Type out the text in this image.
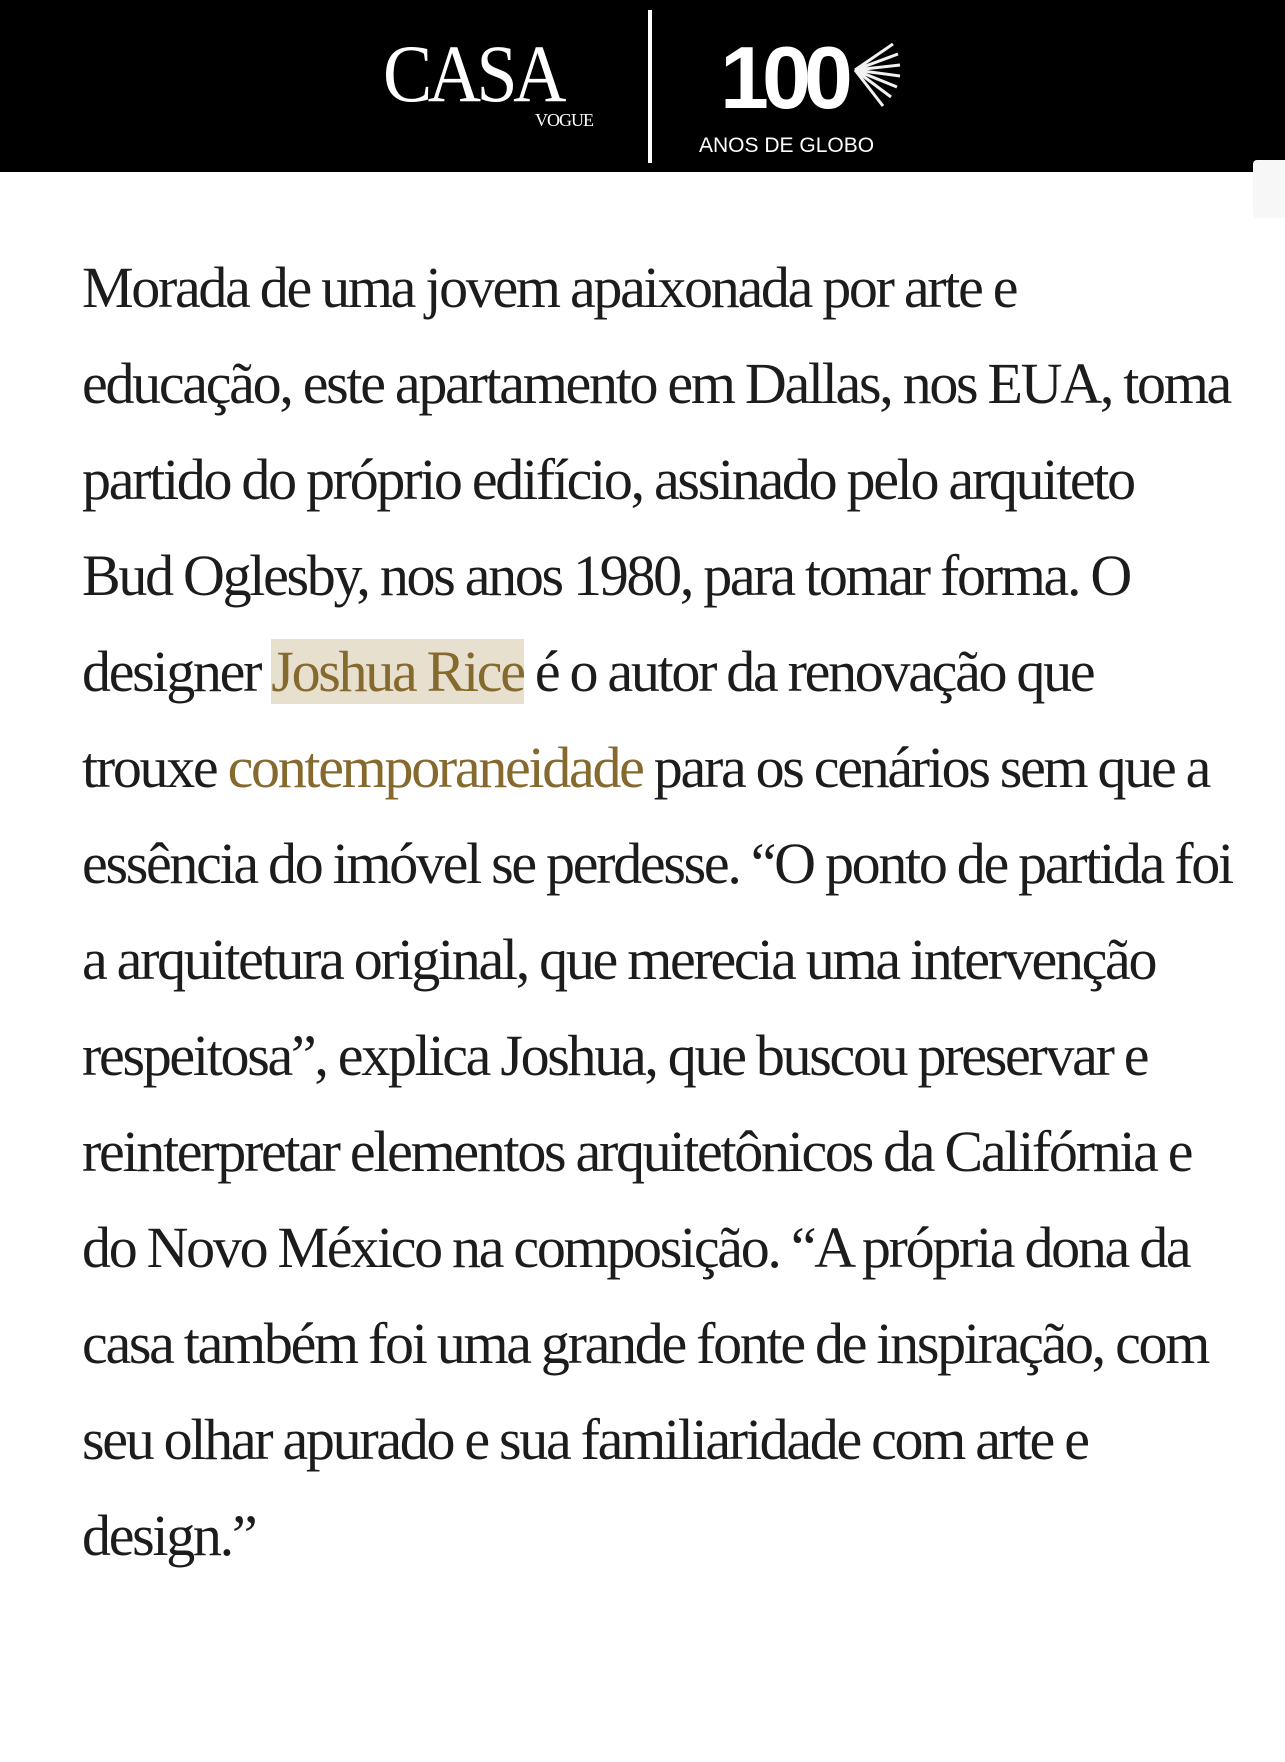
CASA
VOGUE 100
ANOS DE GLOBO

Morada de uma jovem apaixonada por arte e educação, este apartamento em Dallas, nos EUA, toma partido do próprio edifício, assinado pelo arquiteto Bud Oglesby, nos anos 1980, para tomar forma. O designer Joshua Rice é o autor da renovação que trouxe contemporaneidade para os cenários sem que a essência do imóvel se perdesse. “O ponto de partida foi a arquitetura original, que merecia uma intervenção respeitosa”, explica Joshua, que buscou preservar e reinterpretar elementos arquitetônicos da Califórnia e do Novo México na composição. “A própria dona da casa também foi uma grande fonte de inspiração, com seu olhar apurado e sua familiaridade com arte e design.”
